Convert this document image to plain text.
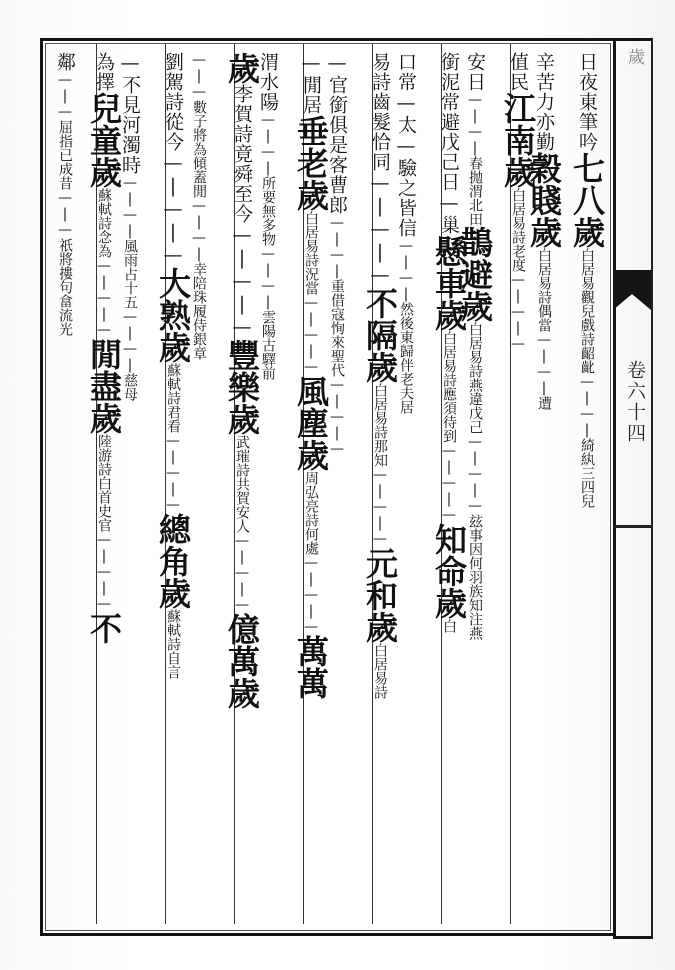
歲
卷六十四
日夜東筆吟七八歲白居易觀兒戲詩齠齔—|—|綺紈三四兒
辛苦力亦勤穀賤歲白居易詩偶當—|—|遭
值民江南歲白居易詩老度—|—|—
安日—|—|春抛渭北田鵲避歲白居易詩燕違戊己—|—|—玆事因何羽族知注燕
銜泥常避戊己日—巢懸車歲白居易詩應須待到—|—|—知命歲白
口常—太—驗之皆信—|—|然後東歸伴老夫居
易詩齒髮恰同—|—|—不隔歲白居易詩那知—|—|—元和歲白居易詩
—官銜俱是客曹郎—|—|重借寇恂來聖代—|—|—
—閒居垂老歲白居易詩況當—|—|—風塵歲周弘亮詩何處—|—|—萬萬
渭水陽—|—|所要無多物—|—|雲陽古驛前
歲李賀詩竟舜至今—|—|—豐樂歲武璀詩共賀安人—|—|—億萬歲
—|—數子將為傾蓋閒—|—|幸陪珠履侍銀章
劉駕詩從今—|—|—大熟歲蘇軾詩君看—|—|—總角歲蘇軾詩自言
—不見河濁時—|—|風雨占十五—|—|慈母
為擇兒童歲蘇軾詩念為—|—|—閒盡歲陸游詩白首史官—|—|—不
鄰—|—屈指已成昔—|—祇將摟句畣流光
